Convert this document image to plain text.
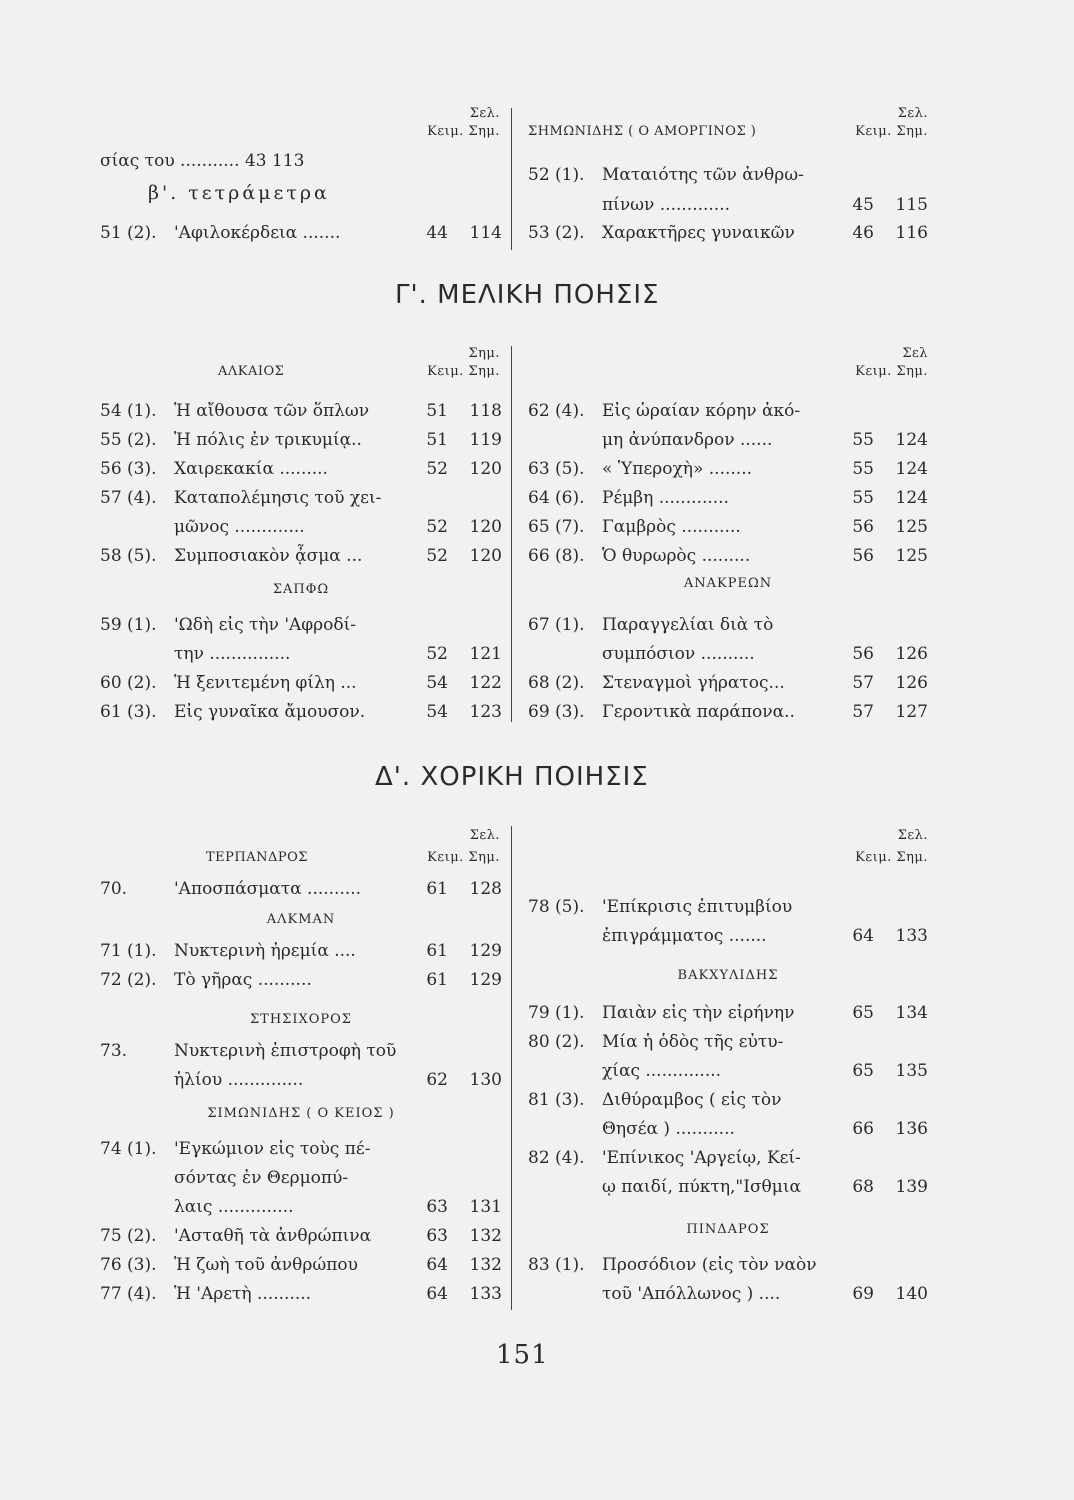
Σελ.
Κειμ. Σημ.
σίας του ........... 43 113
β'. τετράμετρα
51 (2). 'Αφιλοκέρδεια .......	44 114
Σελ.
ΣΗΜΩΝΙΔΗΣ ( Ο ΑΜΟΡΓΙΝΟΣ )	Κειμ. Σημ.
52 (1). Ματαιότης τῶν ἀνθρω-
πίνων .............	45 115
53 (2). Χαρακτῆρες γυναικῶν	46 116
Γ'. ΜΕΛΙΚΗ ΠΟΗΣΙΣ
Σημ.
ΑΛΚΑΙΟΣ	Κειμ. Σημ.
54 (1). Ἡ αἴθουσα τῶν ὅπλων	51 118
55 (2). Ἡ πόλις ἐν τρικυμίᾳ..	51 119
56 (3). Χαιρεκακία .........	52 120
57 (4). Καταπολέμησις τοῦ χει-
μῶνος .............	52 120
58 (5). Συμποσιακὸν ᾆσμα ...	52 120
ΣΑΠΦΩ
59 (1). 'Ωδὴ εἰς τὴν 'Αφροδί-
την ...............	52 121
60 (2). Ἡ ξενιτεμένη φίλη ...	54 122
61 (3). Εἰς γυναῖκα ἄμουσον.	54 123
Σελ
Κειμ. Σημ.
62 (4). Εἰς ὡραίαν κόρην ἀκό-
μη ἀνύπανδρον ......	55 124
63 (5). « Ὑπεροχὴ» ........	55 124
64 (6). Ρέμβη .............	55 124
65 (7). Γαμβρὸς ...........	56 125
66 (8). Ὁ θυρωρὸς .........	56 125
ΑΝΑΚΡΕΩΝ
67 (1). Παραγγελίαι διὰ τὸ
συμπόσιον ..........	56 126
68 (2). Στεναγμοὶ γήρατος...	57 126
69 (3). Γεροντικὰ παράπονα..	57 127
Δ'. ΧΟΡΙΚΗ ΠΟΙΗΣΙΣ
Σελ.
ΤΕΡΠΑΝΔΡΟΣ	Κειμ. Σημ.
70.	'Αποσπάσματα ..........	61 128
ΑΛΚΜΑΝ
71 (1). Νυκτερινὴ ἠρεμία ....	61 129
72 (2). Τὸ γῆρας ..........	61 129
ΣΤΗΣΙΧΟΡΟΣ
73.	Νυκτερινὴ ἐπιστροφὴ τοῦ
ἡλίου ..............	62 130
ΣΙΜΩΝΙΔΗΣ ( Ο ΚΕΙΟΣ )
74 (1). 'Εγκώμιον εἰς τοὺς πέ-
σόντας ἐν Θερμοπύ-
λαις ..............	63 131
75 (2). 'Ασταθῆ τὰ ἀνθρώπινα	63 132
76 (3). Ἡ ζωὴ τοῦ ἀνθρώπου	64 132
77 (4). Ἡ 'Αρετὴ ..........	64 133
Σελ.
Κειμ. Σημ.
78 (5). 'Επίκρισις ἐπιτυμβίου
ἐπιγράμματος .......	64 133
ΒΑΚΧΥΛΙΔΗΣ
79 (1). Παιὰν εἰς τὴν εἰρήνην	65 134
80 (2). Μία ἡ ὁδὸς τῆς εὐτυ-
χίας ..............	65 135
81 (3). Διθύραμβος ( εἰς τὸν
Θησέα ) ...........	66 136
82 (4). 'Επίνικος 'Αργείῳ, Κεί-
ῳ παιδί, πύκτη,"Ισθμια	68 139
ΠΙΝΔΑΡΟΣ
83 (1). Προσόδιον (εἰς τὸν ναὸν
τοῦ 'Απόλλωνος ) ....	69 140
151
